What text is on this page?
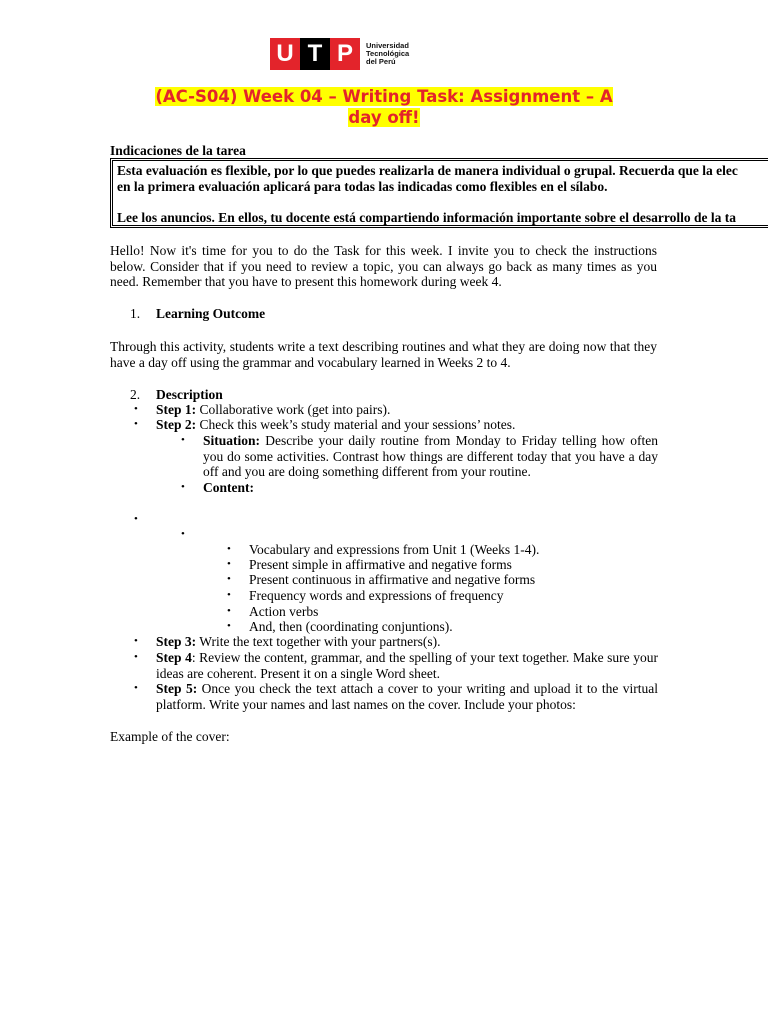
U T P	Universidad
Tecnológica
del Perú
(AC-S04) Week 04 – Writing Task: Assignment – A
day off!
Indicaciones de la tarea

Esta evaluación es flexible, por lo que puedes realizarla de manera individual o grupal. Recuerda que la elec

en la primera evaluación aplicará para todas las indicadas como flexibles en el sílabo.

Lee los anuncios. En ellos, tu docente está compartiendo información importante sobre el desarrollo de la ta

Hello! Now it's time for you to do the Task for this week. I invite you to check the instructions below. Consider that if you need to review a topic, you can always go back as many times as you need. Remember that you have to present this homework during week 4.
1. Learning Outcome
Through this activity, students write a text describing routines and what they are doing now that they have a day off using the grammar and vocabulary learned in Weeks 2 to 4.
2. Description
• Step 1: Collaborative work (get into pairs).
• Step 2: Check this week’s study material and your sessions’ notes.
• Situation: Describe your daily routine from Monday to Friday telling how often you do some activities. Contrast how things are different today that you have a day off and you are doing something different from your routine.
• Content:
•
•
• Vocabulary and expressions from Unit 1 (Weeks 1-4).
• Present simple in affirmative and negative forms
• Present continuous in affirmative and negative forms
• Frequency words and expressions of frequency
• Action verbs
• And, then (coordinating conjuntions).
• Step 3: Write the text together with your partners(s).
• Step 4: Review the content, grammar, and the spelling of your text together. Make sure your ideas are coherent. Present it on a single Word sheet.
• Step 5: Once you check the text attach a cover to your writing and upload it to the virtual platform. Write your names and last names on the cover. Include your photos:
Example of the cover:
